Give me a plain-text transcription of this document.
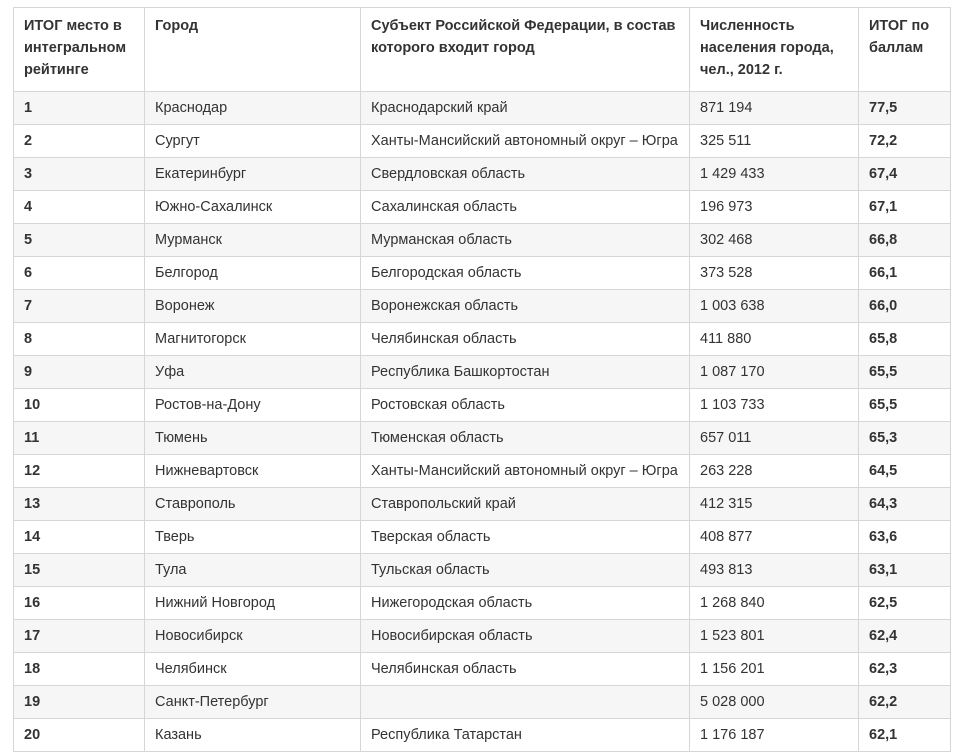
ИТОГ место в интегральном рейтинге	Город	Субъект Российской Федерации, в состав которого входит город	Численность населения города, чел., 2012 г.	ИТОГ по баллам
1	Краснодар	Краснодарский край	871 194	77,5
2	Сургут	Ханты-Мансийский автономный округ – Югра	325 511	72,2
3	Екатеринбург	Свердловская область	1 429 433	67,4
4	Южно-Сахалинск	Сахалинская область	196 973	67,1
5	Мурманск	Мурманская область	302 468	66,8
6	Белгород	Белгородская область	373 528	66,1
7	Воронеж	Воронежская область	1 003 638	66,0
8	Магнитогорск	Челябинская область	411 880	65,8
9	Уфа	Республика Башкортостан	1 087 170	65,5
10	Ростов-на-Дону	Ростовская область	1 103 733	65,5
11	Тюмень	Тюменская область	657 011	65,3
12	Нижневартовск	Ханты-Мансийский автономный округ – Югра	263 228	64,5
13	Ставрополь	Ставропольский край	412 315	64,3
14	Тверь	Тверская область	408 877	63,6
15	Тула	Тульская область	493 813	63,1
16	Нижний Новгород	Нижегородская область	1 268 840	62,5
17	Новосибирск	Новосибирская область	1 523 801	62,4
18	Челябинск	Челябинская область	1 156 201	62,3
19	Санкт-Петербург		5 028 000	62,2
20	Казань	Республика Татарстан	1 176 187	62,1
